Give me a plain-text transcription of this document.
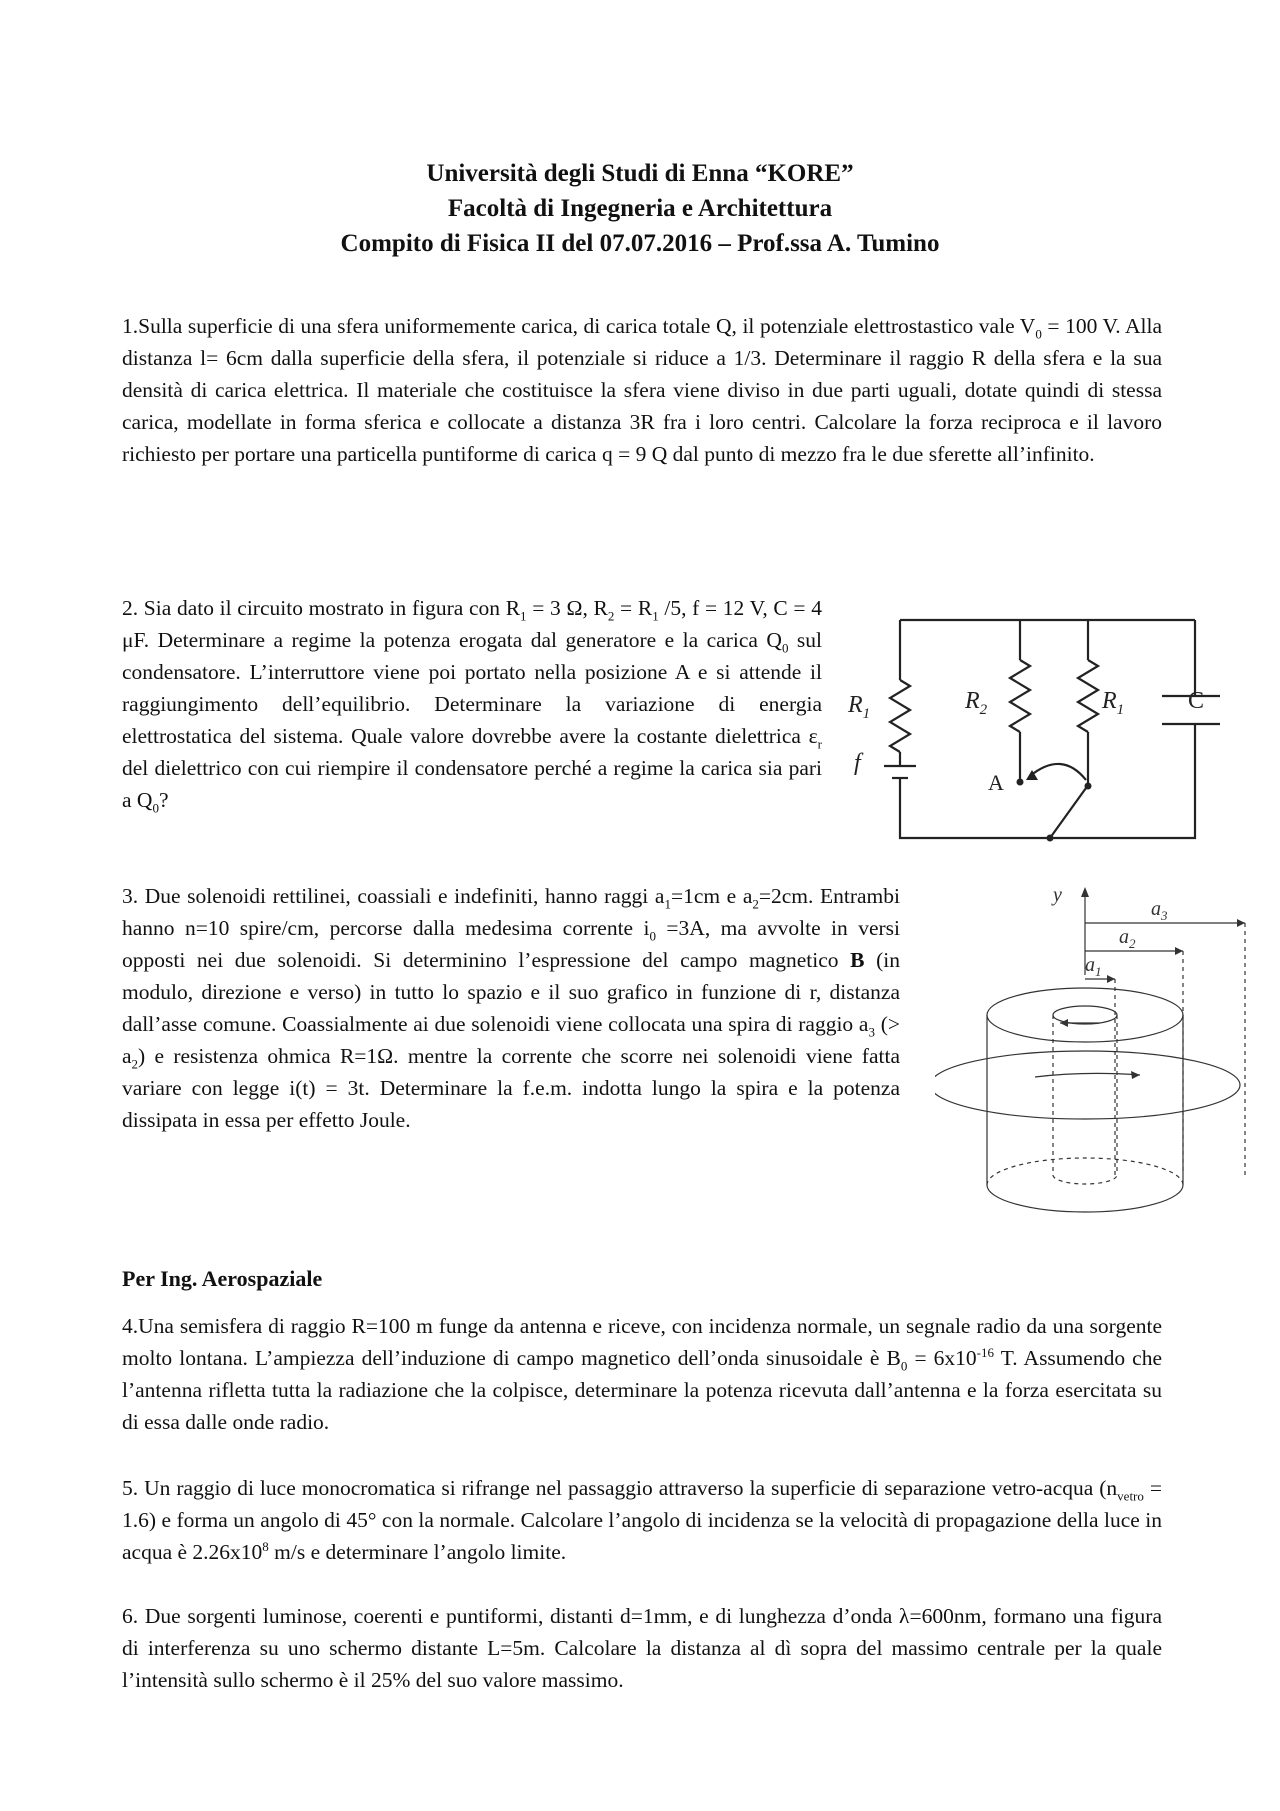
Università degli Studi di Enna “KORE”
Facoltà di Ingegneria e Architettura
Compito di Fisica II del 07.07.2016 – Prof.ssa A. Tumino
1.Sulla superficie di una sfera uniformemente carica, di carica totale Q, il potenziale elettrostastico vale $V_0 = 100$ V. Alla distanza l= 6cm dalla superficie della sfera, il potenziale si riduce a 1/3. Determinare il raggio R della sfera e la sua densità di carica elettrica. Il materiale che costituisce la sfera viene diviso in due parti uguali, dotate quindi di stessa carica, modellate in forma sferica e collocate a distanza 3R fra i loro centri. Calcolare la forza reciproca e il lavoro richiesto per portare una particella puntiforme di carica q = 9 Q dal punto di mezzo fra le due sferette all’infinito.
2. Sia dato il circuito mostrato in figura con $R_1 = 3$ Ω, $R_2 = R_1$ /5, f = 12 V, C = 4 μF. Determinare a regime la potenza erogata dal generatore e la carica $Q_0$ sul condensatore. L’interruttore viene poi portato nella posizione A e si attende il raggiungimento dell’equilibrio. Determinare la variazione di energia elettrostatica del sistema. Quale valore dovrebbe avere la costante dielettrica $\varepsilon_r$ del dielettrico con cui riempire il condensatore perché a regime la carica sia pari a $Q_0$?
$R_1$	$R_2$	$R_1$	C
f
A
3. Due solenoidi rettilinei, coassiali e indefiniti, hanno raggi $a_1=1cm$ e $a_2=2cm$. Entrambi hanno n=10 spire/cm, percorse dalla medesima corrente $i_0 =3A$, ma avvolte in versi opposti nei due solenoidi. Si determinino l’espressione del campo magnetico B (in modulo, direzione e verso) in tutto lo spazio e il suo grafico in funzione di r, distanza dall’asse comune. Coassialmente ai due solenoidi viene collocata una spira di raggio $a_3$ (> $a_2$) e resistenza ohmica R=1Ω. mentre la corrente che scorre nei solenoidi viene fatta variare con legge i(t) = 3t. Determinare la f.e.m. indotta lungo la spira e la potenza dissipata in essa per effetto Joule.
y
$a_3$
$a_2$
$a_1$
Per Ing. Aerospaziale
4.Una semisfera di raggio R=100 m funge da antenna e riceve, con incidenza normale, un segnale radio da una sorgente molto lontana. L’ampiezza dell’induzione di campo magnetico dell’onda sinusoidale è $B_0 = 6x10^{-16}$ T. Assumendo che l’antenna rifletta tutta la radiazione che la colpisce, determinare la potenza ricevuta dall’antenna e la forza esercitata su di essa dalle onde radio.
5. Un raggio di luce monocromatica si rifrange nel passaggio attraverso la superficie di separazione vetro-acqua $(n_{vetro} = 1.6)$ e forma un angolo di 45° con la normale. Calcolare l’angolo di incidenza se la velocità di propagazione della luce in acqua è $2.26x10^8$ m/s e determinare l’angolo limite.
6. Due sorgenti luminose, coerenti e puntiformi, distanti d=1mm, e di lunghezza d’onda λ=600nm, formano una figura di interferenza su uno schermo distante L=5m. Calcolare la distanza al dì sopra del massimo centrale per la quale l’intensità sullo schermo è il 25% del suo valore massimo.
